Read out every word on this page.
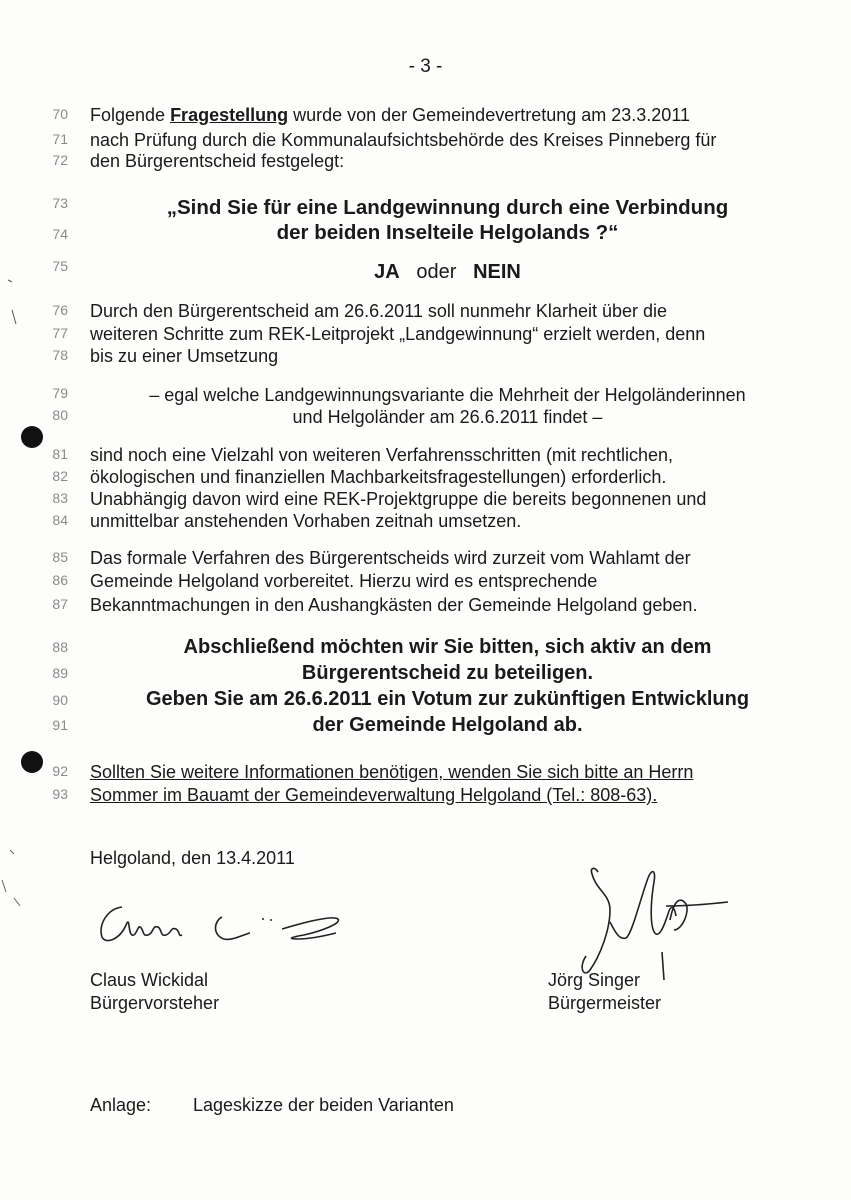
- 3 -
70 Folgende Fragestellung wurde von der Gemeindevertretung am 23.3.2011
71 nach Prüfung durch die Kommunalaufsichtsbehörde des Kreises Pinneberg für
72 den Bürgerentscheid festgelegt:
76 Durch den Bürgerentscheid am 26.6.2011 soll nunmehr Klarheit über die
77 weiteren Schritte zum REK-Leitprojekt „Landgewinnung“ erzielt werden, denn
78 bis zu einer Umsetzung
81 sind noch eine Vielzahl von weiteren Verfahrensschritten (mit rechtlichen,
82 ökologischen und finanziellen Machbarkeitsfragestellungen) erforderlich.
83 Unabhängig davon wird eine REK-Projektgruppe die bereits begonnenen und
84 unmittelbar anstehenden Vorhaben zeitnah umsetzen.
85 Das formale Verfahren des Bürgerentscheids wird zurzeit vom Wahlamt der
86 Gemeinde Helgoland vorbereitet. Hierzu wird es entsprechende
87 Bekanntmachungen in den Aushangkästen der Gemeinde Helgoland geben.
92 Sollten Sie weitere Informationen benötigen, wenden Sie sich bitte an Herrn
93 Sommer im Bauamt der Gemeindeverwaltung Helgoland (Tel.: 808-63).
73
74
75
„Sind Sie für eine Landgewinnung durch eine Verbindung
der beiden Inselteile Helgolands ?“
JA oder NEIN
79
80
– egal welche Landgewinnungsvariante die Mehrheit der Helgoländerinnen
und Helgoländer am 26.6.2011 findet –
88
89
90
91
Abschließend möchten wir Sie bitten, sich aktiv an dem
Bürgerentscheid zu beteiligen.
Geben Sie am 26.6.2011 ein Votum zur zukünftigen Entwicklung
der Gemeinde Helgoland ab.
Helgoland, den 13.4.2011
Claus Wickidal
Bürgervorsteher
Jörg Singer
Bürgermeister
Anlage: Lageskizze der beiden Varianten
